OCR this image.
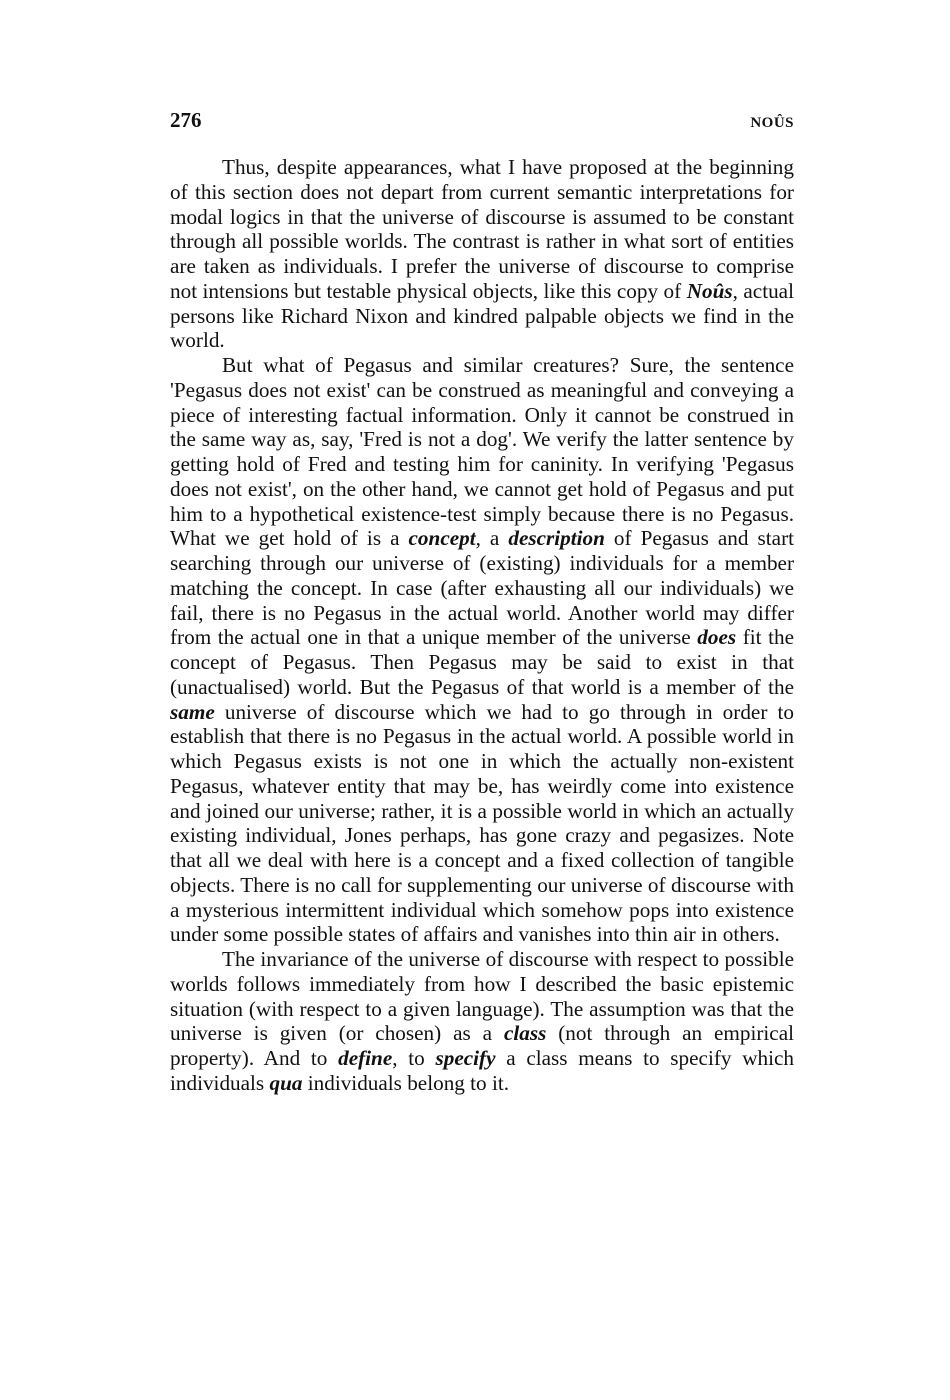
276	NOÛS

Thus, despite appearances, what I have proposed at the beginning of this section does not depart from current semantic interpretations for modal logics in that the universe of discourse is assumed to be constant through all possible worlds. The contrast is rather in what sort of entities are taken as individuals. I prefer the universe of discourse to comprise not intensions but testable physical objects, like this copy of Noûs, actual persons like Richard Nixon and kindred palpable objects we find in the world.

But what of Pegasus and similar creatures? Sure, the sentence 'Pegasus does not exist' can be construed as meaningful and conveying a piece of interesting factual information. Only it cannot be construed in the same way as, say, 'Fred is not a dog'. We verify the latter sentence by getting hold of Fred and testing him for caninity. In verifying 'Pegasus does not exist', on the other hand, we cannot get hold of Pegasus and put him to a hypothetical existence-test simply because there is no Pegasus. What we get hold of is a concept, a description of Pegasus and start searching through our universe of (existing) individuals for a member matching the concept. In case (after exhausting all our individuals) we fail, there is no Pegasus in the actual world. Another world may differ from the actual one in that a unique member of the universe does fit the concept of Pegasus. Then Pegasus may be said to exist in that (unactualised) world. But the Pegasus of that world is a member of the same universe of discourse which we had to go through in order to establish that there is no Pegasus in the actual world. A possible world in which Pegasus exists is not one in which the actually non-existent Pegasus, whatever entity that may be, has weirdly come into existence and joined our universe; rather, it is a possible world in which an actually existing individual, Jones perhaps, has gone crazy and pegasizes. Note that all we deal with here is a concept and a fixed collection of tangible objects. There is no call for supplementing our universe of discourse with a mysterious intermittent individual which somehow pops into existence under some possible states of affairs and vanishes into thin air in others.

The invariance of the universe of discourse with respect to possible worlds follows immediately from how I described the basic epistemic situation (with respect to a given language). The assumption was that the universe is given (or chosen) as a class (not through an empirical property). And to define, to specify a class means to specify which individuals qua individuals belong to it.
